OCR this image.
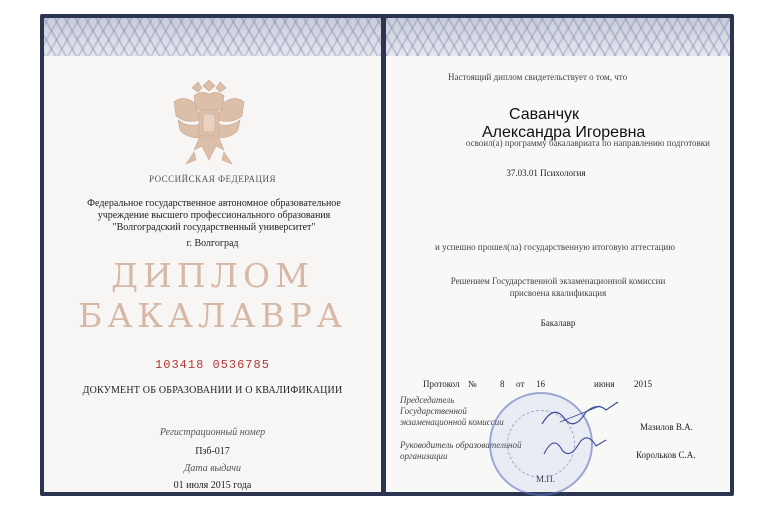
РОССИЙСКАЯ ФЕДЕРАЦИЯ
Федеральное государственное автономное образовательное учреждение высшего профессионального образования "Волгоградский государственный университет"
г. Волгоград
ДИПЛОМ
БАКАЛАВРА
103418 0536785
ДОКУМЕНТ ОБ ОБРАЗОВАНИИ И О КВАЛИФИКАЦИИ
Регистрационный номер
Пзб-017
Дата выдачи
01 июля 2015 года
Настоящий диплом свидетельствует о том, что
Саванчук
Александра Игоревна
освоил(а) программу бакалавриата по направлению подготовки
37.03.01 Психология
и успешно прошел(ла) государственную итоговую аттестацию
Решением Государственной экзаменационной комиссии
присвоена квалификация
Бакалавр
Протокол №	8 от 16	июня 2015
Председатель
Государственной
экзаменационной комиссии	Мазилов В.А.
Руководитель образовательной
организации	Корольков С.А.
М.П.
